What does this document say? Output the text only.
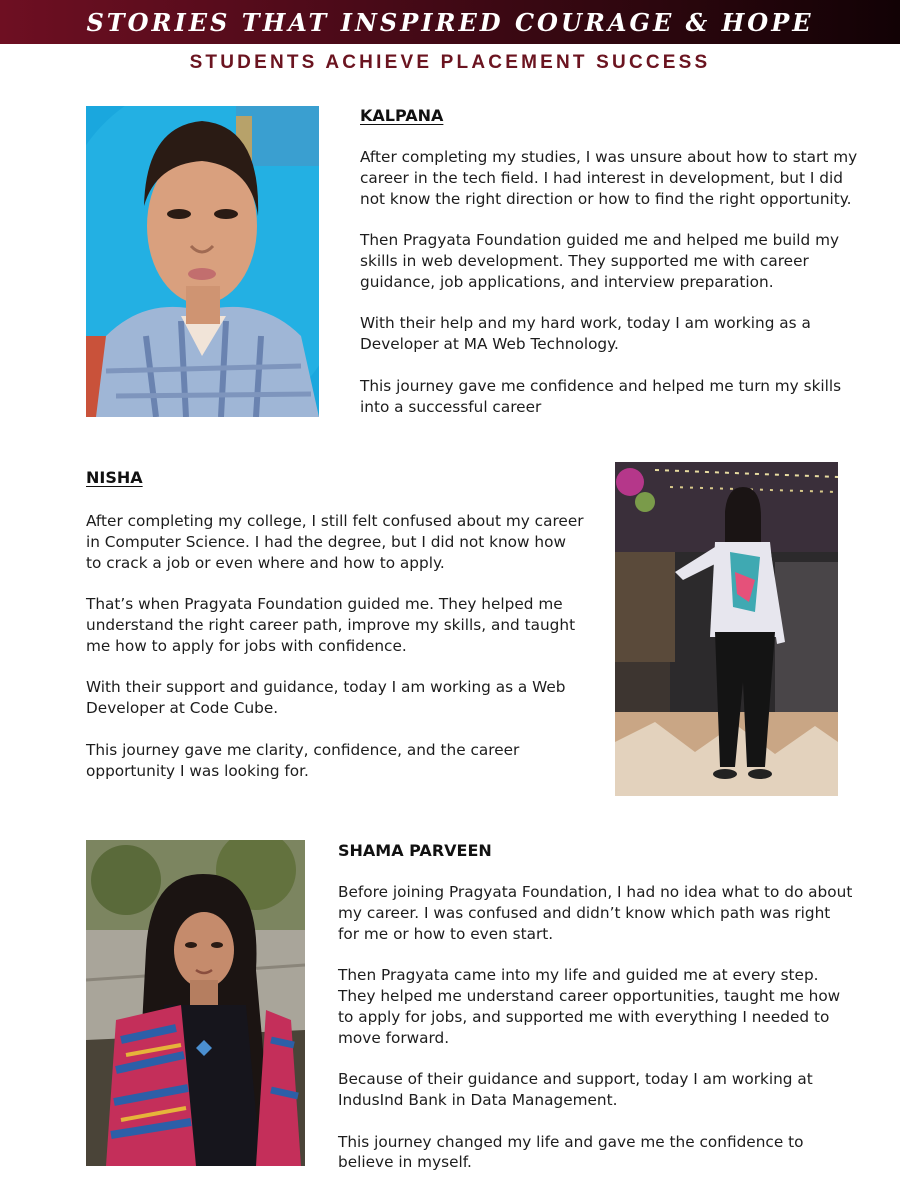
STORIES THAT INSPIRED COURAGE & HOPE
STUDENTS ACHIEVE PLACEMENT SUCCESS
KALPANA

After completing my studies, I was unsure about how to start my career in the tech field. I had interest in development, but I did not know the right direction or how to find the right opportunity.

Then Pragyata Foundation guided me and helped me build my skills in web development. They supported me with career guidance, job applications, and interview preparation.

With their help and my hard work, today I am working as a Developer at MA Web Technology.

This journey gave me confidence and helped me turn my skills into a successful career

NISHA

After completing my college, I still felt confused about my career in Computer Science. I had the degree, but I did not know how to crack a job or even where and how to apply.

That’s when Pragyata Foundation guided me. They helped me understand the right career path, improve my skills, and taught me how to apply for jobs with confidence.

With their support and guidance, today I am working as a Web Developer at Code Cube.

This journey gave me clarity, confidence, and the career opportunity I was looking for.

SHAMA PARVEEN

Before joining Pragyata Foundation, I had no idea what to do about my career. I was confused and didn’t know which path was right for me or how to even start.

Then Pragyata came into my life and guided me at every step. They helped me understand career opportunities, taught me how to apply for jobs, and supported me with everything I needed to move forward.

Because of their guidance and support, today I am working at IndusInd Bank in Data Management.

This journey changed my life and gave me the confidence to believe in myself.
